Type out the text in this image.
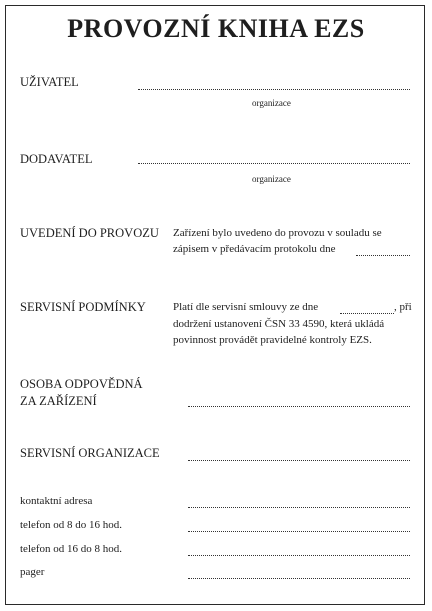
PROVOZNÍ KNIHA EZS
UŽIVATEL
organizace
DODAVATEL
organizace
UVEDENÍ DO PROVOZU Zařízení bylo uvedeno do provozu v souladu se
zápisem v předávacím protokolu dne
SERVISNÍ PODMÍNKY Platí dle servisní smlouvy ze dne	, při
dodržení ustanovení ČSN 33 4590, která ukládá
povinnost provádět pravidelné kontroly EZS.
OSOBA ODPOVĚDNÁ
ZA ZAŘÍZENÍ
SERVISNÍ ORGANIZACE
kontaktní adresa
telefon od 8 do 16 hod.
telefon od 16 do 8 hod.
pager
